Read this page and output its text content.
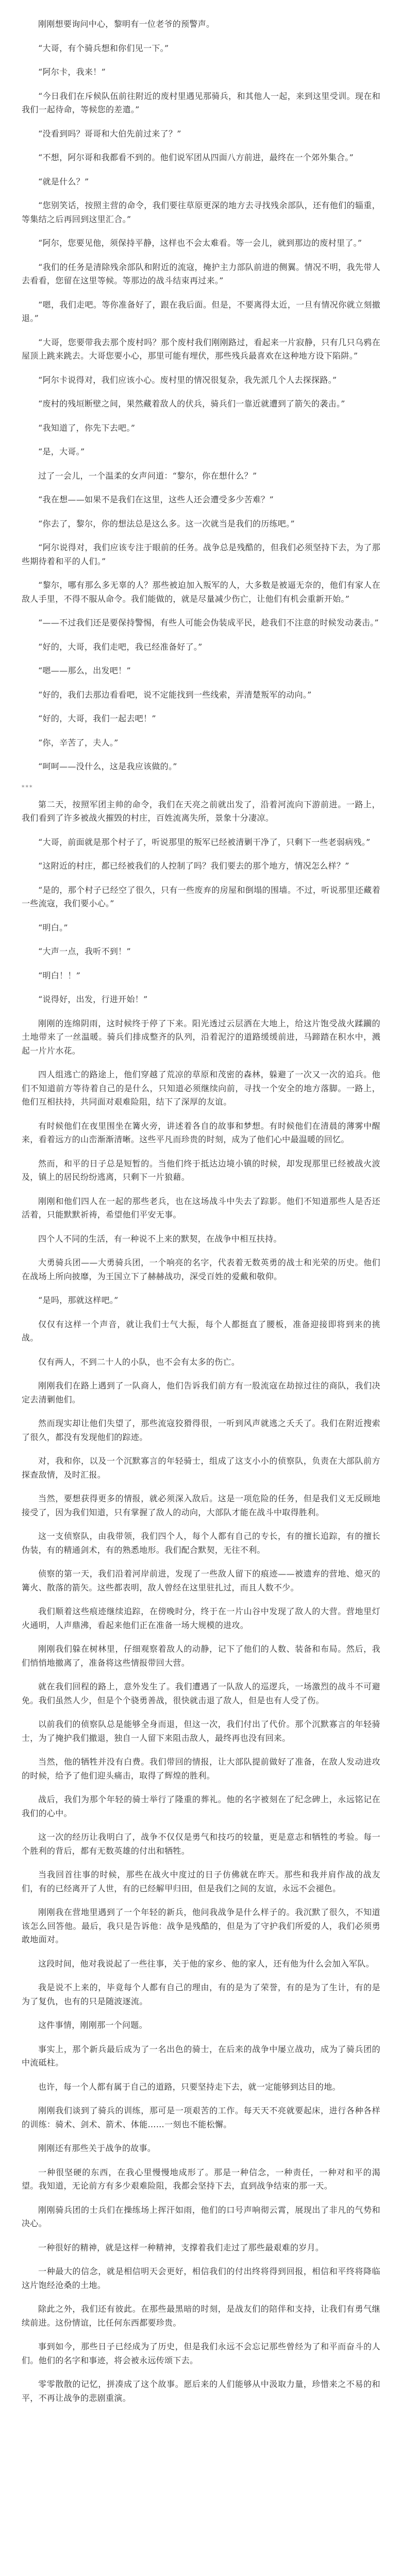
刚刚想要询问中心，黎明有一位老爷的预警声。

“大哥，有个骑兵想和你们见一下。”

“阿尔卡，我来！”

“今日我们在斥候队伍前往附近的废村里遇见那骑兵，和其他人一起，来到这里受训。现在和我们一起待命，等候您的差遣。”

“没看到吗？哥哥和大伯先前过来了？”

“不想，阿尔哥和我都看不到的。他们说军团从四面八方前进，最终在一个郊外集合。”

“就是什么？”

“您别笑话，按照主营的命令，我们要往草原更深的地方去寻找残余部队，还有他们的辎重，等集结之后再回到这里汇合。”

“阿尔，您要见他，须保持平静，这样也不会太难看。等一会儿，就到那边的废村里了。”

“我们的任务是清除残余部队和附近的流寇，掩护主力部队前进的侧翼。情况不明，我先带人去看看，您留在这里等候。等那边的战斗结束再过来。”

“嗯，我们走吧。等你准备好了，跟在我后面。但是，不要离得太近，一旦有情况你就立刻撤退。”

“大哥，您要带我去那个废村吗？那个废村我们刚刚路过，看起来一片寂静，只有几只乌鸦在屋顶上跳来跳去。大哥您要小心，那里可能有埋伏，那些残兵最喜欢在这种地方设下陷阱。”

“阿尔卡说得对，我们应该小心。废村里的情况很复杂，我先派几个人去探探路。”

“废村的残垣断壁之间，果然藏着敌人的伏兵，骑兵们一靠近就遭到了箭矢的袭击。”

“我知道了，你先下去吧。”

“是，大哥。”

过了一会儿，一个温柔的女声问道：“黎尔，你在想什么？”

“我在想——如果不是我们在这里，这些人还会遭受多少苦难？”

“你去了，黎尔，你的想法总是这么多。这一次就当是我们的历练吧。”

“阿尔说得对，我们应该专注于眼前的任务。战争总是残酷的，但我们必须坚持下去，为了那些期待着和平的人们。”

“黎尔，哪有那么多无辜的人？那些被迫加入叛军的人，大多数是被逼无奈的，他们有家人在敌人手里，不得不服从命令。我们能做的，就是尽量减少伤亡，让他们有机会重新开始。”

“——不过我们还是要保持警惕，有些人可能会伪装成平民，趁我们不注意的时候发动袭击。”

“好的，大哥，我们走吧，我已经准备好了。”

“嗯——那么，出发吧！”

“好的，我们去那边看看吧，说不定能找到一些线索，弄清楚叛军的动向。”

“好的，大哥，我们一起去吧！”

“你，辛苦了，夫人。”

“呵呵——没什么，这是我应该做的。”

***

第二天，按照军团主帅的命令，我们在天亮之前就出发了，沿着河流向下游前进。一路上，我们看到了许多被战火摧毁的村庄，百姓流离失所，景象十分凄凉。

“大哥，前面就是那个村子了，听说那里的叛军已经被清剿干净了，只剩下一些老弱病残。”

“这附近的村庄，都已经被我们的人控制了吗？我们要去的那个地方，情况怎么样？”

“是的，那个村子已经空了很久，只有一些废弃的房屋和倒塌的围墙。不过，听说那里还藏着一些流寇，我们要小心。”

“明白。”

“大声一点，我听不到！”

“明白！！”

“说得好，出发，行进开始！”

刚刚的连绵阴雨，这时候终于停了下来。阳光透过云层洒在大地上，给这片饱受战火蹂躏的土地带来了一丝温暖。骑兵们排成整齐的队列，沿着泥泞的道路缓缓前进，马蹄踏在积水中，溅起一片片水花。

四人组逃亡的路途上，他们穿越了荒凉的草原和茂密的森林，躲避了一次又一次的追兵。他们不知道前方等待着自己的是什么，只知道必须继续向前，寻找一个安全的地方落脚。一路上，他们互相扶持，共同面对艰难险阻，结下了深厚的友谊。

有时候他们在夜里围坐在篝火旁，讲述着各自的故事和梦想。有时候他们在清晨的薄雾中醒来，看着远方的山峦渐渐清晰。这些平凡而珍贵的时刻，成为了他们心中最温暖的回忆。

然而，和平的日子总是短暂的。当他们终于抵达边境小镇的时候，却发现那里已经被战火波及，镇上的居民纷纷逃离，只剩下一片狼藉。

刚刚和他们四人在一起的那些老兵，也在这场战斗中失去了踪影。他们不知道那些人是否还活着，只能默默祈祷，希望他们平安无事。

四个人不同的生活，有一种说不上来的默契，在战争中相互扶持。

大勇骑兵团——大勇骑兵团，一个响亮的名字，代表着无数英勇的战士和光荣的历史。他们在战场上所向披靡，为王国立下了赫赫战功，深受百姓的爱戴和敬仰。

“是吗，那就这样吧。”

仅仅有这样一个声音，就让我们士气大振，每个人都挺直了腰板，准备迎接即将到来的挑战。

仅有两人，不到二十人的小队，也不会有太多的伤亡。

刚刚我们在路上遇到了一队商人，他们告诉我们前方有一股流寇在劫掠过往的商队，我们决定去清剿他们。

然而现实却让他们失望了，那些流寇狡猾得很，一听到风声就逃之夭夭了。我们在附近搜索了很久，都没有发现他们的踪迹。

对，我和你，以及一个沉默寡言的年轻骑士，组成了这支小小的侦察队，负责在大部队前方探查敌情，及时汇报。

当然，要想获得更多的情报，就必须深入敌后。这是一项危险的任务，但是我们义无反顾地接受了，因为我们知道，只有掌握了敌人的动向，大部队才能在战斗中取得胜利。

这一支侦察队，由我带领，我们四个人，每个人都有自己的专长，有的擅长追踪，有的擅长伪装，有的精通剑术，有的熟悉地形。我们配合默契，无往不利。

侦察的第一天，我们沿着河岸前进，发现了一些敌人留下的痕迹——被遗弃的营地、熄灭的篝火、散落的箭矢。这些都表明，敌人曾经在这里驻扎过，而且人数不少。

我们顺着这些痕迹继续追踪，在傍晚时分，终于在一片山谷中发现了敌人的大营。营地里灯火通明，人声鼎沸，看起来他们正在准备一场大规模的进攻。

刚刚我们躲在树林里，仔细观察着敌人的动静，记下了他们的人数、装备和布局。然后，我们悄悄地撤离了，准备将这些情报带回大营。

就在我们回程的路上，意外发生了。我们遭遇了一队敌人的巡逻兵，一场激烈的战斗不可避免。我们虽然人少，但是个个骁勇善战，很快就击退了敌人，但是也有人受了伤。

以前我们的侦察队总是能够全身而退，但这一次，我们付出了代价。那个沉默寡言的年轻骑士，为了掩护我们撤退，独自一人留下来阻击敌人，最终再也没有回来。

当然，他的牺牲并没有白费。我们带回的情报，让大部队提前做好了准备，在敌人发动进攻的时候，给予了他们迎头痛击，取得了辉煌的胜利。

战后，我们为那个年轻的骑士举行了隆重的葬礼。他的名字被刻在了纪念碑上，永远铭记在我们的心中。

这一次的经历让我明白了，战争不仅仅是勇气和技巧的较量，更是意志和牺牲的考验。每一个胜利的背后，都有无数英雄的付出和牺牲。

当我回首往事的时候，那些在战火中度过的日子仿佛就在昨天。那些和我并肩作战的战友们，有的已经离开了人世，有的已经解甲归田，但是我们之间的友谊，永远不会褪色。

刚刚我在营地里遇到了一个年轻的新兵，他问我战争是什么样子的。我沉默了很久，不知道该怎么回答他。最后，我只是告诉他：战争是残酷的，但是为了守护我们所爱的人，我们必须勇敢地面对。

这段时间，他对我说起了一些往事，关于他的家乡、他的家人，还有他为什么会加入军队。

我是说不上来的，毕竟每个人都有自己的理由，有的是为了荣誉，有的是为了生计，有的是为了复仇，也有的只是随波逐流。

这件事情，刚刚那一个问题。

事实上，那个新兵最后成为了一名出色的骑士，在后来的战争中屡立战功，成为了骑兵团的中流砥柱。

也许，每一个人都有属于自己的道路，只要坚持走下去，就一定能够到达目的地。

刚刚我们谈到了骑兵的训练，那可是一项艰苦的工作。每天天不亮就要起床，进行各种各样的训练：骑术、剑术、箭术、体能……一刻也不能松懈。

刚刚还有那些关于战争的故事。

一种很坚硬的东西，在我心里慢慢地成形了。那是一种信念，一种责任，一种对和平的渴望。我知道，无论前方有多少艰难险阻，我都会坚持下去，直到战争结束的那一天。

刚刚骑兵团的士兵们在操练场上挥汗如雨，他们的口号声响彻云霄，展现出了非凡的气势和决心。

一种很好的精神，就是这样一种精神，支撑着我们走过了那些最艰难的岁月。

一种最大的信念，就是相信明天会更好，相信我们的付出终将得到回报，相信和平终将降临这片饱经沧桑的土地。

除此之外，我们还有彼此。在那些最黑暗的时刻，是战友们的陪伴和支持，让我们有勇气继续前进。这份情谊，比任何东西都要珍贵。

事到如今，那些日子已经成为了历史，但是我们永远不会忘记那些曾经为了和平而奋斗的人们。他们的名字和事迹，将会被永远传颂下去。

零零散散的记忆，拼凑成了这个故事。愿后来的人们能够从中汲取力量，珍惜来之不易的和平，不再让战争的悲剧重演。
